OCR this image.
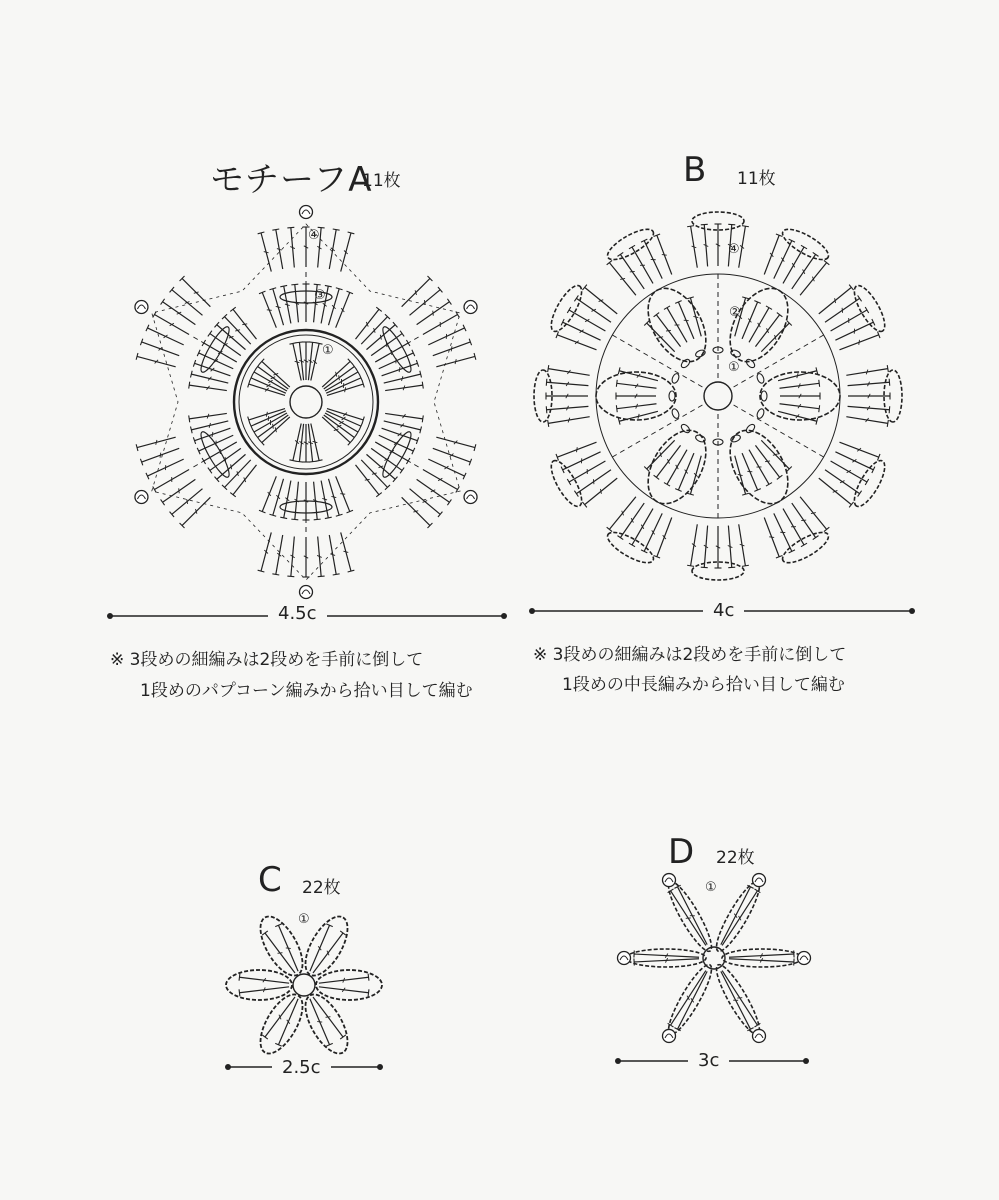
モチーフA
11枚
4.5c
※ 3段めの細編みは2段めを手前に倒して
1段めのパプコーン編みから拾い目して編む
④
③
①
B 11枚
4c
※ 3段めの細編みは2段めを手前に倒して
1段めの中長編みから拾い目して編む
④
②
①
C 22枚
2.5c
①
D 22枚
3c
①
